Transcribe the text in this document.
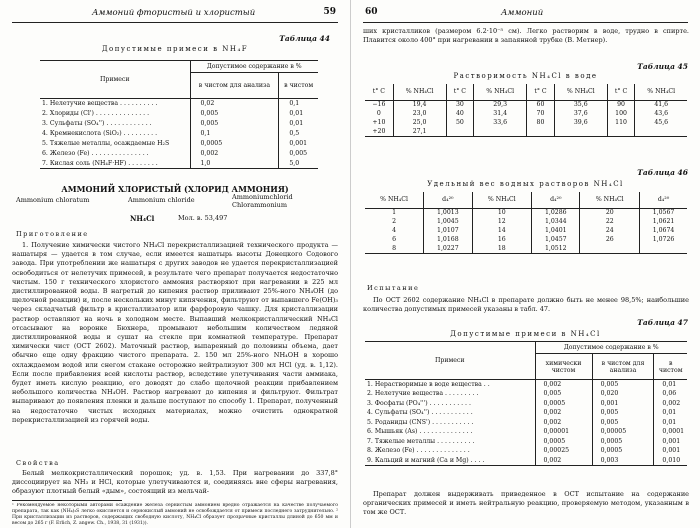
Аммоний фтористый и хлористый	59
Таблица 44
Допустимые примеси в NH₄F
Примеси	Допустимое содержание в %	
	в чистом для анализа	в чистом
1. Нелетучие вещества . . . . . . . . . .	0,02	0,1
2. Хлориды (Cl') . . . . . . . . . . . . . .	0,005	0,01
3. Сульфаты (SO₄'') . . . . . . . . . . . .	0,005	0,01
4. Кремнекислота (SiO₂) . . . . . . . . .	0,1	0,5
5. Тяжелые металлы, осаждаемые H₂S	0,0005	0,001
6. Железо (Fe) . . . . . . . . . . . . . . .	0,002	0,005
7. Кислая соль (NH₄F·HF) . . . . . . . .	1,0	5,0
АММОНИЙ ХЛОРИСТЫЙ (ХЛОРИД АММОНИЯ)
Ammonium chloratum	Ammonium chloride	Ammoniumchlorid
Chlorammonium
NH₄Cl	Мол. в. 53,497
Приготовление
1. Получение химически чистого NH₄Cl перекристаллизацией технического продукта — нашатыря — удается в том случае, если имеется нашатырь высоты Донецкого Содового завода. При употреблении же нашатыря с других заводов не удается перекристаллизацией освободиться от нелетучих примесей, в результате чего препарат получается недостаточно чистым. 150 г технического хлористого аммония растворяют при нагревании в 225 мл дистиллированной воды. В нагретый до кипения раствор приливают 25%-ного NH₄OH (до щелочной реакции) и, после нескольких минут кипячения, фильтруют от выпавшего Fe(OH)₃ через складчатый фильтр в кристаллизатор или фарфоровую чашку. Для кристаллизации раствор оставляют на ночь в холодном месте. Выпавший мелкокристаллический NH₄Cl отсасывают на воронке Бюхнера, промывают небольшим количеством ледяной дистиллированной воды и сушат на стекле при комнатной температуре. Препарат химически чист (ОСТ 2602). Маточный раствор, выпаренный до половины объема, дает обычно еще одну фракцию чистого препарата. 2. 150 мл 25%-ного NH₄OH в хорошо охлаждаемом водой или снегом стакане осторожно нейтрализуют 300 мл HCl (уд. в. 1,12). Если после прибавления всей кислоты раствор, вследствие улетучивания части аммиака, будет иметь кислую реакцию, его доводят до слабо щелочной реакции прибавлением небольшого количества NH₄OH. Раствор нагревают до кипения и фильтруют. Фильтрат выпаривают до появления пленки и дальше поступают по способу 1. Препарат, полученный на недостаточно чистых исходных материалах, можно очистить однократной перекристаллизацией из горячей воды.
Свойства
Белый мелкокристаллический порошок; уд. в. 1,53. При нагревании до 337,8° диссоциирует на NH₃ и HCl, которые улетучиваются и, соединяясь вне сферы нагревания, образуют плотный белый «дым», состоящий из мельчай-
¹ Рекомендуемое некоторыми авторами осаждение железа сернистым аммонием вредно отражается на качестве получаемого препарата, так как (NH₄)₂S легко окисляется и сернокислый аммоний не освобождается от примеси последнего затруднительно. ² При кристаллизации из растворов, содержащих свободную кислоту, NH₄Cl образует прозрачные кристаллы длиной до 650 мм и весом до 265 г (F. Erlich, Z. angew. Ch., 1938, 31 (1931)).
60	Аммоний
ших кристалликов (размером 6.2·10⁻⁵ см). Легко растворим в воде, трудно в спирте. Плавится около 400° при нагревании в запаянной трубке (В. Метнер).
Таблица 45
Растворимость NH₄Cl в воде
t° C	% NH₄Cl	t° C	% NH₄Cl	t° C	% NH₄Cl	t° C	% NH₄Cl
−16	19,4	30	29,3	60	35,6	90	41,6
0	23,0	40	31,4	70	37,6	100	43,6
+10	25,0	50	33,6	80	39,6	110	45,6
+20	27,1						
Таблица 46
Удельный вес водных растворов NH₄Cl
% NH₄Cl	d₄²⁰	% NH₄Cl	d₄²⁰	% NH₄Cl	d₄²⁰
1	1,0013	10	1,0286	20	1,0567
2	1,0045	12	1,0344	22	1,0621
4	1,0107	14	1,0401	24	1,0674
6	1,0168	16	1,0457	26	1,0726
8	1,0227	18	1,0512		
Испытание
По ОСТ 2602 содержание NH₄Cl в препарате должно быть не менее 98,5%; наибольшие количества допустимых примесей указаны в табл. 47.
Таблица 47
Допустимые примеси в NH₄Cl
Примеси	Допустимое содержание в %		
	химически чистом	в чистом для анализа	в чистом
1. Нерастворимые в воде вещества . .	0,002	0,005	0,01
2. Нелетучие вещества . . . . . . . . .	0,005	0,020	0,06
3. Фосфаты (PO₄''') . . . . . . . . . . .	0,0005	0,001	0,002
4. Сульфаты (SO₄'') . . . . . . . . . . .	0,002	0,005	0,01
5. Роданиды (CNS') . . . . . . . . . . .	0,002	0,005	0,01
6. Мышьяк (As) . . . . . . . . . . . . . .	0,00001	0,00005	0,0001
7. Тяжелые металлы . . . . . . . . . .	0,0005	0,0005	0,001
8. Железо (Fe) . . . . . . . . . . . . . .	0,00025	0,0005	0,001
9. Кальций и магний (Ca и Mg) . . . .	0,002	0,003	0,010
Препарат должен выдерживать приведенное в ОСТ испытание на содержание органических примесей и иметь нейтральную реакцию, проверяемую методом, указанным в том же ОСТ.
